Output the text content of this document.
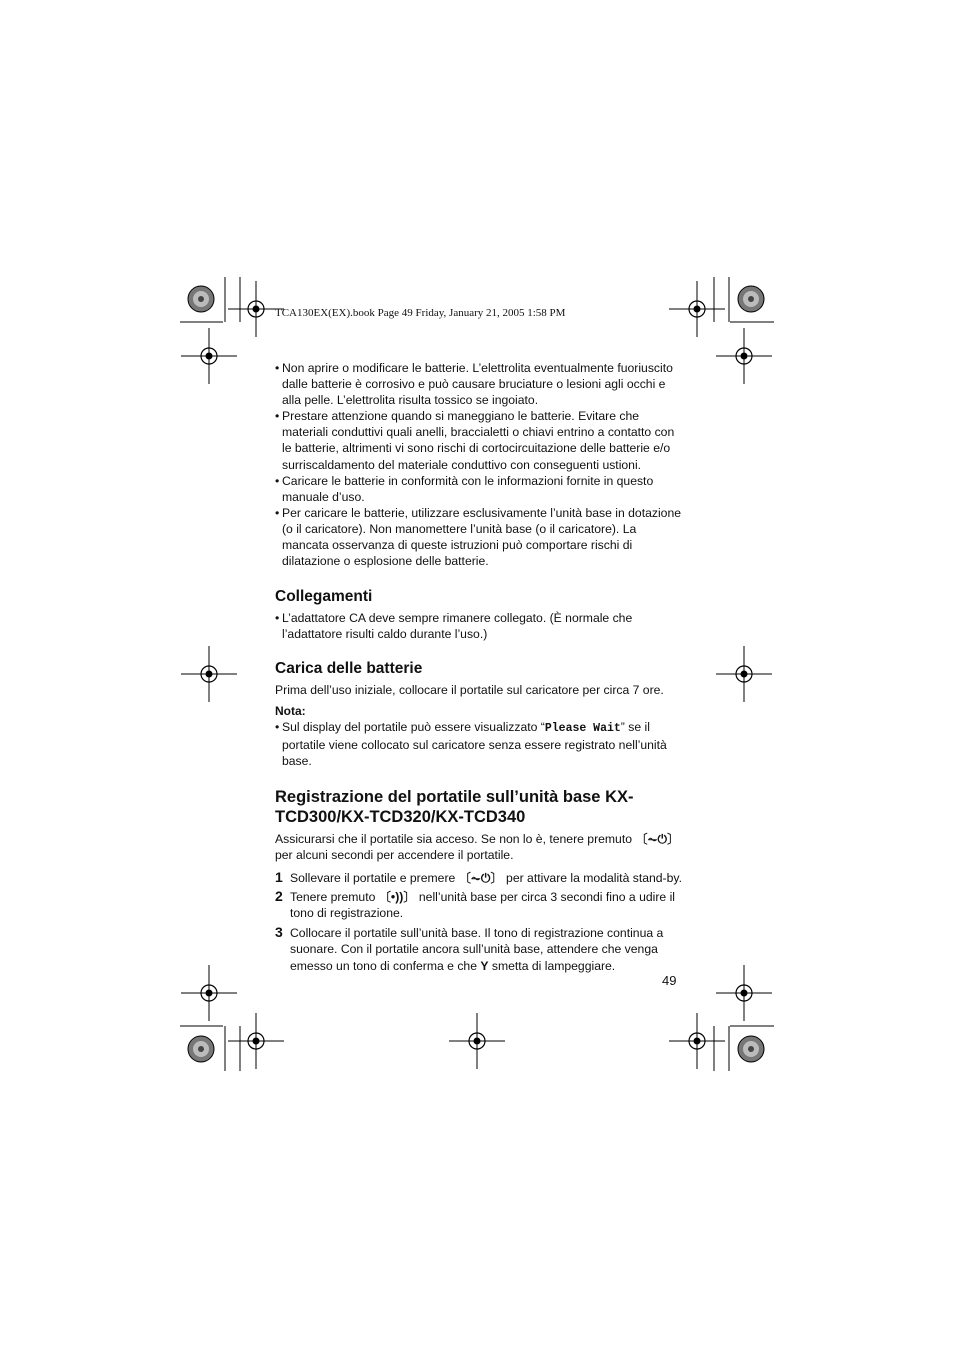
TCA130EX(EX).book Page 49 Friday, January 21, 2005 1:58 PM

• Non aprire o modificare le batterie. L’elettrolita eventualmente fuoriuscito dalle batterie è corrosivo e può causare bruciature o lesioni agli occhi e alla pelle. L’elettrolita risulta tossico se ingoiato.

• Prestare attenzione quando si maneggiano le batterie. Evitare che materiali conduttivi quali anelli, braccialetti o chiavi entrino a contatto con le batterie, altrimenti vi sono rischi di cortocircuitazione delle batterie e/o surriscaldamento del materiale conduttivo con conseguenti ustioni.

• Caricare le batterie in conformità con le informazioni fornite in questo manuale d’uso.

• Per caricare le batterie, utilizzare esclusivamente l’unità base in dotazione (o il caricatore). Non manomettere l’unità base (o il caricatore). La mancata osservanza di queste istruzioni può comportare rischi di dilatazione o esplosione delle batterie.

Collegamenti

• L’adattatore CA deve sempre rimanere collegato. (È normale che l’adattatore risulti caldo durante l’uso.)

Carica delle batterie

Prima dell’uso iniziale, collocare il portatile sul caricatore per circa 7 ore.

Nota:

• Sul display del portatile può essere visualizzato “Please Wait” se il portatile viene collocato sul caricatore senza essere registrato nell’unità base.

Registrazione del portatile sull’unità base KX-TCD300/KX-TCD320/KX-TCD340

Assicurarsi che il portatile sia acceso. Se non lo è, tenere premuto 〔⏦⏻〕 per alcuni secondi per accendere il portatile.

1 Sollevare il portatile e premere 〔⏦⏻〕 per attivare la modalità stand-by.

2 Tenere premuto 〔•))〕 nell’unità base per circa 3 secondi fino a udire il tono di registrazione.

3 Collocare il portatile sull’unità base. Il tono di registrazione continua a suonare. Con il portatile ancora sull’unità base, attendere che venga emesso un tono di conferma e che Y smetta di lampeggiare.

49
